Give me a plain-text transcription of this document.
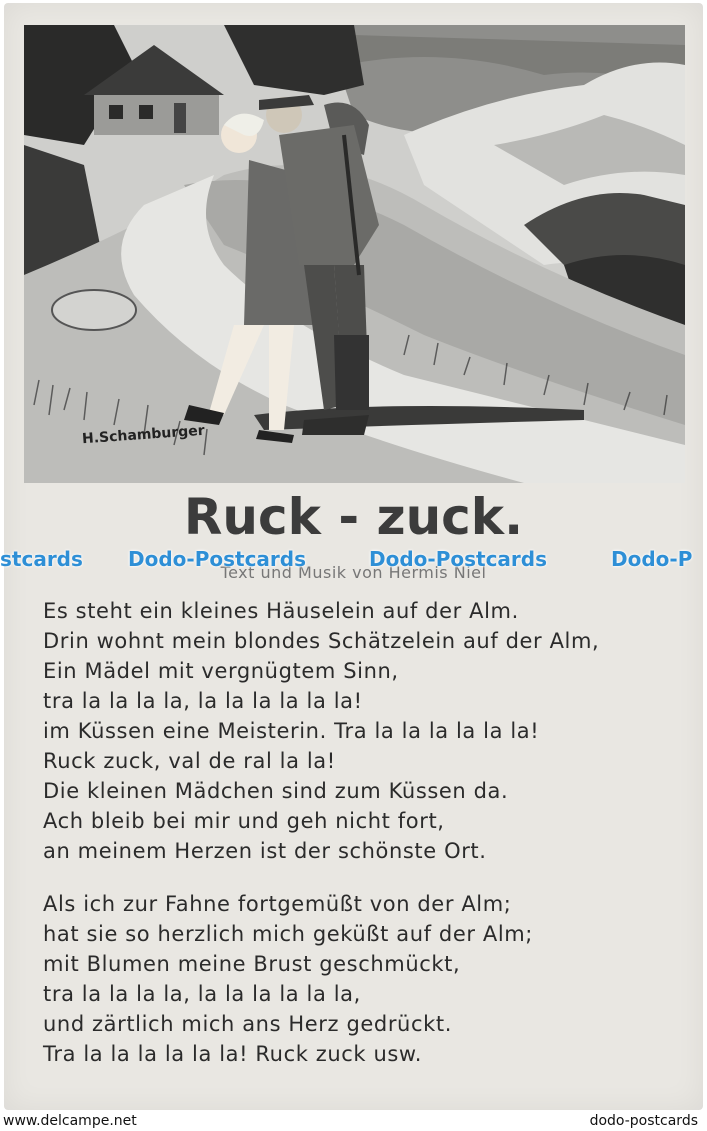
H.Schamburger
Ruck - zuck.
Text und Musik von Hermis Niel
stcards Dodo-Postcards	Dodo-Postcards	Dodo-P
Es steht ein kleines Häuselein auf der Alm.
Drin wohnt mein blondes Schätzelein auf der Alm,
Ein Mädel mit vergnügtem Sinn,
tra la la la la, la la la la la la!
im Küssen eine Meisterin. Tra la la la la la la!
Ruck zuck, val de ral la la!
Die kleinen Mädchen sind zum Küssen da.
Ach bleib bei mir und geh nicht fort,
an meinem Herzen ist der schönste Ort.
Als ich zur Fahne fortgemüßt von der Alm;
hat sie so herzlich mich geküßt auf der Alm;
mit Blumen meine Brust geschmückt,
tra la la la la, la la la la la la,
und zärtlich mich ans Herz gedrückt.
Tra la la la la la la! Ruck zuck usw.
www.delcampe.net	dodo-postcards
